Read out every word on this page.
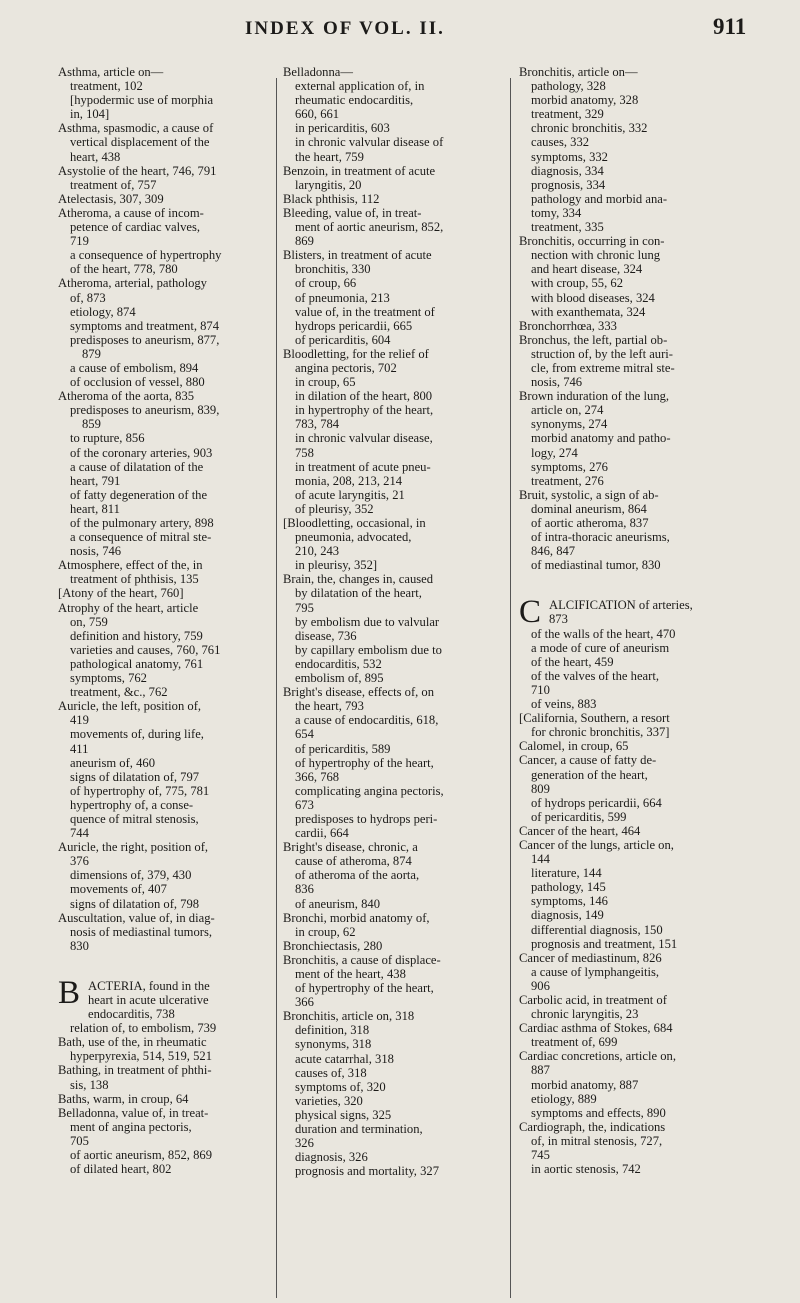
INDEX OF VOL. II.	911
Asthma, article on—
treatment, 102
[hypodermic use of morphia
in, 104]
Asthma, spasmodic, a cause of
vertical displacement of the
heart, 438
Asystolie of the heart, 746, 791
treatment of, 757
Atelectasis, 307, 309
Atheroma, a cause of incom-
petence of cardiac valves,
719
a consequence of hypertrophy
of the heart, 778, 780
Atheroma, arterial, pathology
of, 873
etiology, 874
symptoms and treatment, 874
predisposes to aneurism, 877,
879
a cause of embolism, 894
of occlusion of vessel, 880
Atheroma of the aorta, 835
predisposes to aneurism, 839,
859
to rupture, 856
of the coronary arteries, 903
a cause of dilatation of the
heart, 791
of fatty degeneration of the
heart, 811
of the pulmonary artery, 898
a consequence of mitral ste-
nosis, 746
Atmosphere, effect of the, in
treatment of phthisis, 135
[Atony of the heart, 760]
Atrophy of the heart, article
on, 759
definition and history, 759
varieties and causes, 760, 761
pathological anatomy, 761
symptoms, 762
treatment, &c., 762
Auricle, the left, position of,
419
movements of, during life,
411
aneurism of, 460
signs of dilatation of, 797
of hypertrophy of, 775, 781
hypertrophy of, a conse-
quence of mitral stenosis,
744
Auricle, the right, position of,
376
dimensions of, 379, 430
movements of, 407
signs of dilatation of, 798
Auscultation, value of, in diag-
nosis of mediastinal tumors,
830
B ACTERIA, found in the
heart in acute ulcerative
endocarditis, 738
relation of, to embolism, 739
Bath, use of the, in rheumatic
hyperpyrexia, 514, 519, 521
Bathing, in treatment of phthi-
sis, 138
Baths, warm, in croup, 64
Belladonna, value of, in treat-
ment of angina pectoris,
705
of aortic aneurism, 852, 869
of dilated heart, 802
Belladonna—
external application of, in
rheumatic endocarditis,
660, 661
in pericarditis, 603
in chronic valvular disease of
the heart, 759
Benzoin, in treatment of acute
laryngitis, 20
Black phthisis, 112
Bleeding, value of, in treat-
ment of aortic aneurism, 852,
869
Blisters, in treatment of acute
bronchitis, 330
of croup, 66
of pneumonia, 213
value of, in the treatment of
hydrops pericardii, 665
of pericarditis, 604
Bloodletting, for the relief of
angina pectoris, 702
in croup, 65
in dilation of the heart, 800
in hypertrophy of the heart,
783, 784
in chronic valvular disease,
758
in treatment of acute pneu-
monia, 208, 213, 214
of acute laryngitis, 21
of pleurisy, 352
[Bloodletting, occasional, in
pneumonia, advocated,
210, 243
in pleurisy, 352]
Brain, the, changes in, caused
by dilatation of the heart,
795
by embolism due to valvular
disease, 736
by capillary embolism due to
endocarditis, 532
embolism of, 895
Bright's disease, effects of, on
the heart, 793
a cause of endocarditis, 618,
654
of pericarditis, 589
of hypertrophy of the heart,
366, 768
complicating angina pectoris,
673
predisposes to hydrops peri-
cardii, 664
Bright's disease, chronic, a
cause of atheroma, 874
of atheroma of the aorta,
836
of aneurism, 840
Bronchi, morbid anatomy of,
in croup, 62
Bronchiectasis, 280
Bronchitis, a cause of displace-
ment of the heart, 438
of hypertrophy of the heart,
366
Bronchitis, article on, 318
definition, 318
synonyms, 318
acute catarrhal, 318
causes of, 318
symptoms of, 320
varieties, 320
physical signs, 325
duration and termination,
326
diagnosis, 326
prognosis and mortality, 327
Bronchitis, article on—
pathology, 328
morbid anatomy, 328
treatment, 329
chronic bronchitis, 332
causes, 332
symptoms, 332
diagnosis, 334
prognosis, 334
pathology and morbid ana-
tomy, 334
treatment, 335
Bronchitis, occurring in con-
nection with chronic lung
and heart disease, 324
with croup, 55, 62
with blood diseases, 324
with exanthemata, 324
Bronchorrhœa, 333
Bronchus, the left, partial ob-
struction of, by the left auri-
cle, from extreme mitral ste-
nosis, 746
Brown induration of the lung,
article on, 274
synonyms, 274
morbid anatomy and patho-
logy, 274
symptoms, 276
treatment, 276
Bruit, systolic, a sign of ab-
dominal aneurism, 864
of aortic atheroma, 837
of intra-thoracic aneurisms,
846, 847
of mediastinal tumor, 830
C ALCIFICATION of arteries,
873
of the walls of the heart, 470
a mode of cure of aneurism
of the heart, 459
of the valves of the heart,
710
of veins, 883
[California, Southern, a resort
for chronic bronchitis, 337]
Calomel, in croup, 65
Cancer, a cause of fatty de-
generation of the heart,
809
of hydrops pericardii, 664
of pericarditis, 599
Cancer of the heart, 464
Cancer of the lungs, article on,
144
literature, 144
pathology, 145
symptoms, 146
diagnosis, 149
differential diagnosis, 150
prognosis and treatment, 151
Cancer of mediastinum, 826
a cause of lymphangeitis,
906
Carbolic acid, in treatment of
chronic laryngitis, 23
Cardiac asthma of Stokes, 684
treatment of, 699
Cardiac concretions, article on,
887
morbid anatomy, 887
etiology, 889
symptoms and effects, 890
Cardiograph, the, indications
of, in mitral stenosis, 727,
745
in aortic stenosis, 742
